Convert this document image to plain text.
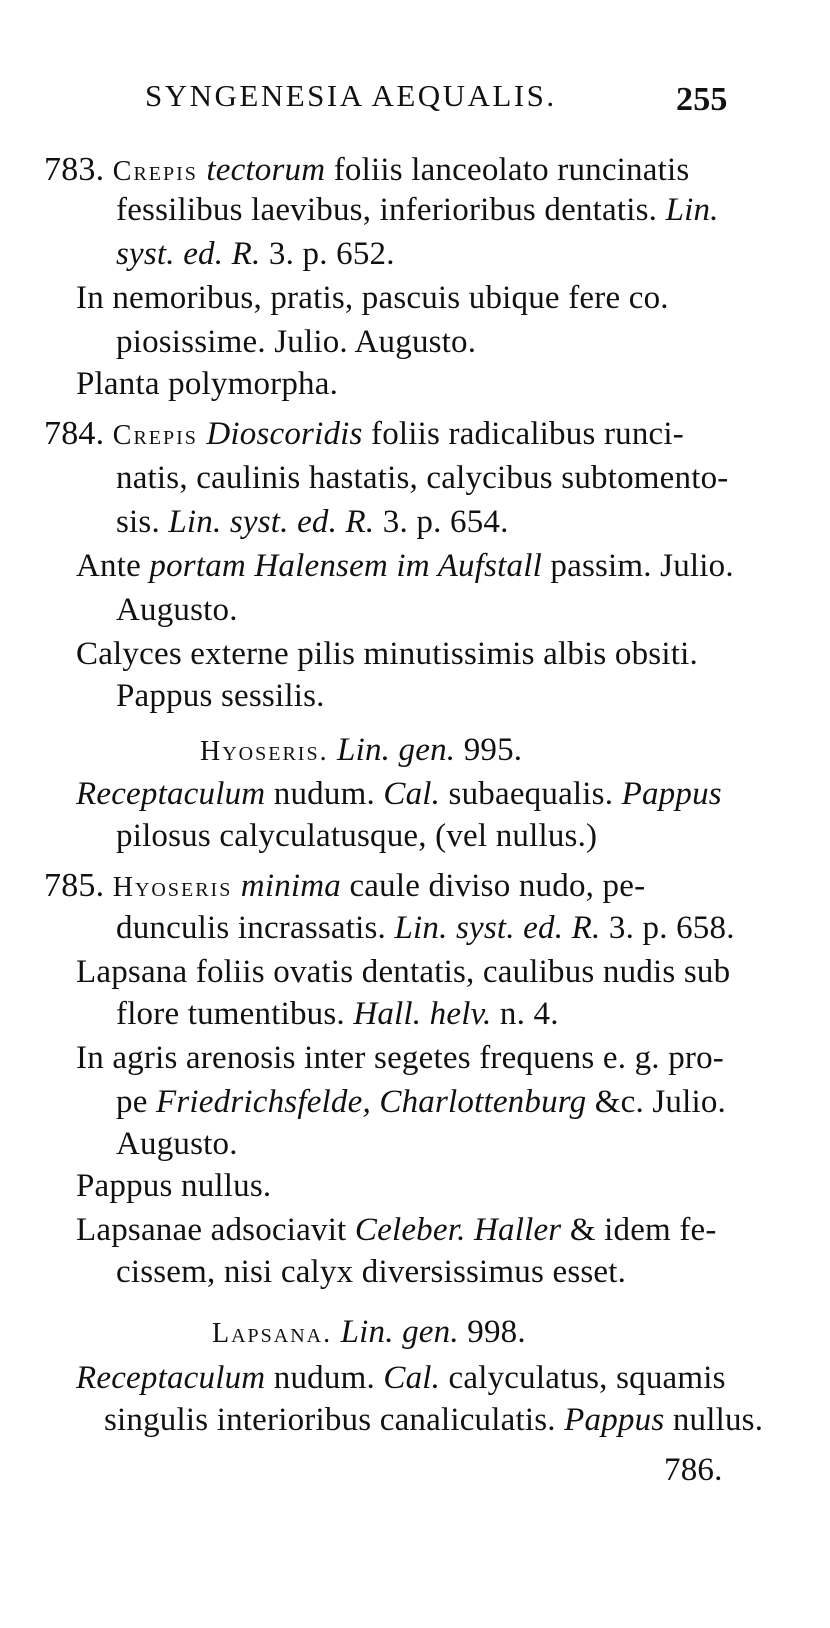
SYNGENESIA AEQUALIS.	255
783. Crepis tectorum foliis lanceolato runcinatis
fessilibus laevibus, inferioribus dentatis. Lin.
syst. ed. R. 3. p. 652.
In nemoribus, pratis, pascuis ubique fere co.
piosissime. Julio. Augusto.
Planta polymorpha.
784. Crepis Dioscoridis foliis radicalibus runci-
natis, caulinis hastatis, calycibus subtomento-
sis. Lin. syst. ed. R. 3. p. 654.
Ante portam Halensem im Aufstall passim. Julio.
Augusto.
Calyces externe pilis minutissimis albis obsiti.
Pappus sessilis.
Hyoseris. Lin. gen. 995.
Receptaculum nudum. Cal. subaequalis. Pappus
pilosus calyculatusque, (vel nullus.)
785. Hyoseris minima caule diviso nudo, pe-
dunculis incrassatis. Lin. syst. ed. R. 3. p. 658.
Lapsana foliis ovatis dentatis, caulibus nudis sub
flore tumentibus. Hall. helv. n. 4.
In agris arenosis inter segetes frequens e. g. pro-
pe Friedrichsfelde, Charlottenburg &c. Julio.
Augusto.
Pappus nullus.
Lapsanae adsociavit Celeber. Haller & idem fe-
cissem, nisi calyx diversissimus esset.
Lapsana. Lin. gen. 998.
Receptaculum nudum. Cal. calyculatus, squamis
singulis interioribus canaliculatis. Pappus nullus.
786.
